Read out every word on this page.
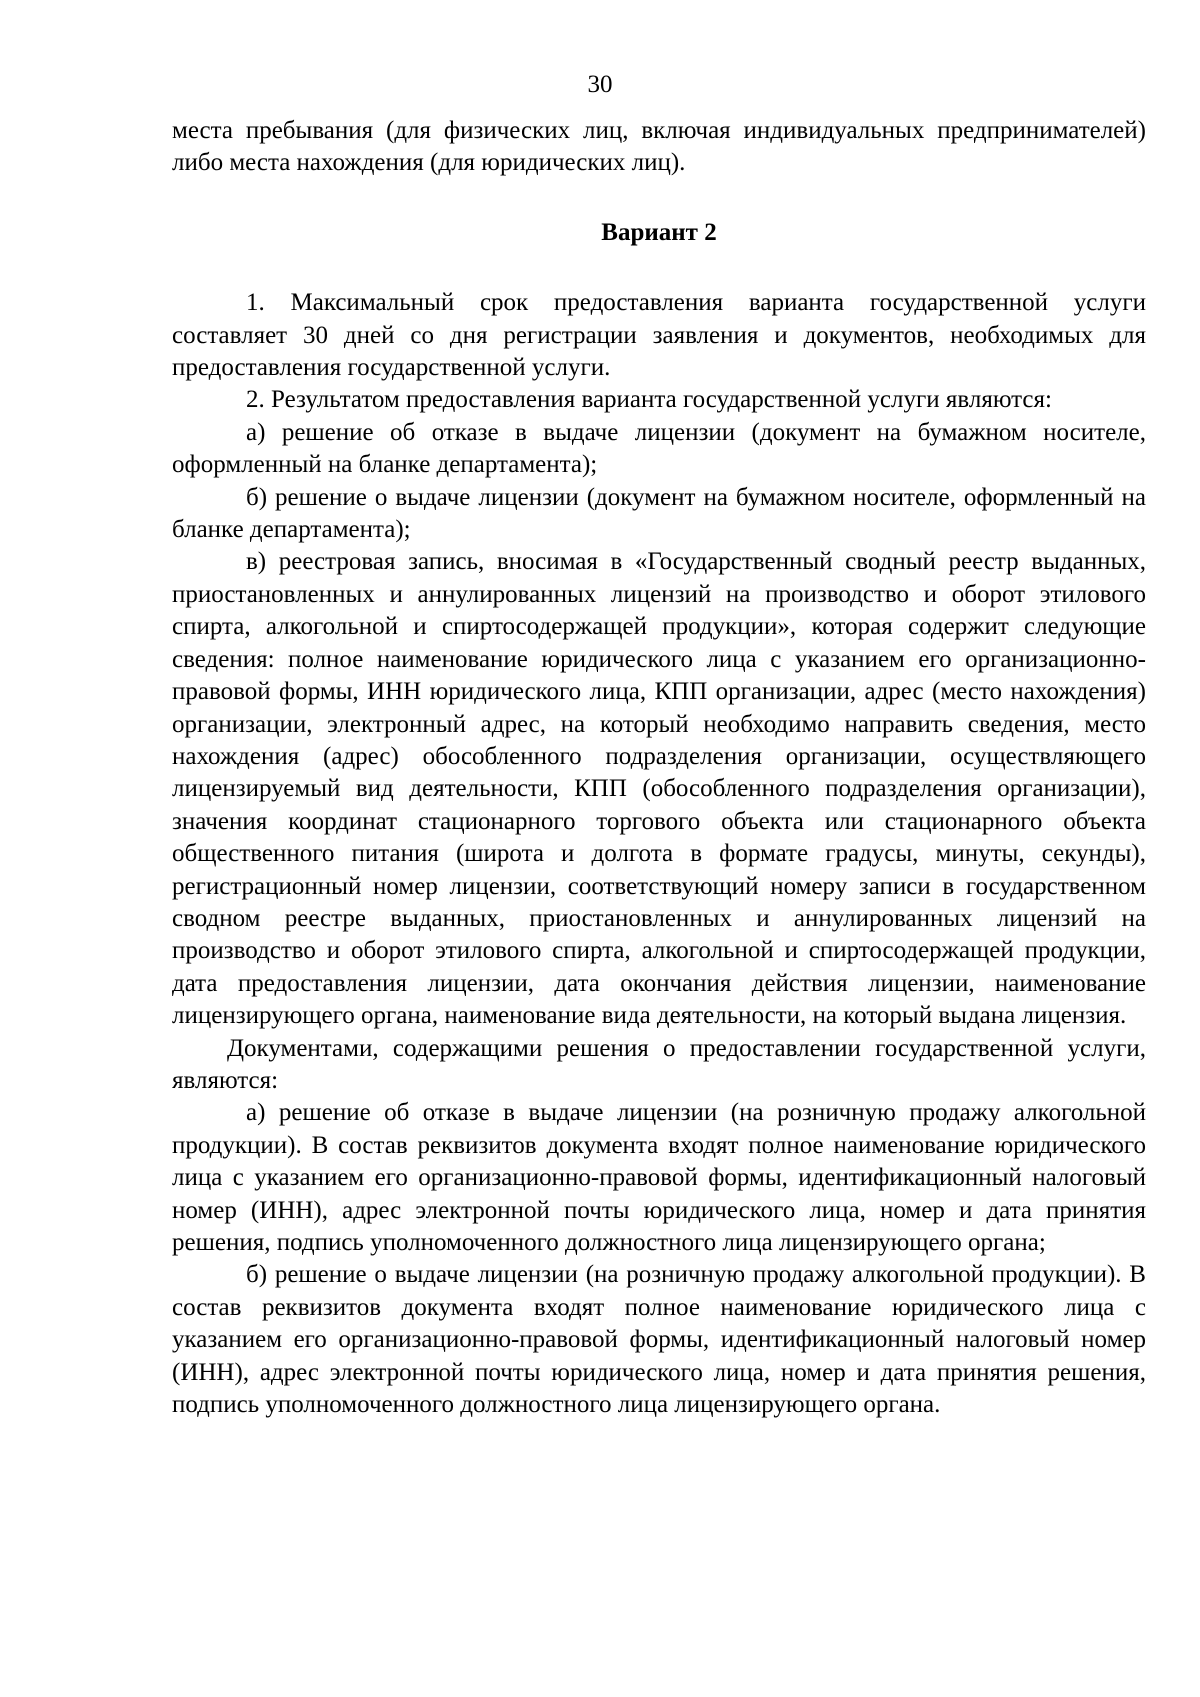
30

места пребывания (для физических лиц, включая индивидуальных предпринимателей) либо места нахождения (для юридических лиц).

Вариант 2

1. Максимальный срок предоставления варианта государственной услуги составляет 30 дней со дня регистрации заявления и документов, необходимых для предоставления государственной услуги.

2. Результатом предоставления варианта государственной услуги являются:

а) решение об отказе в выдаче лицензии (документ на бумажном носителе, оформленный на бланке департамента);

б) решение о выдаче лицензии (документ на бумажном носителе, оформленный на бланке департамента);

в) реестровая запись, вносимая в «Государственный сводный реестр выданных, приостановленных и аннулированных лицензий на производство и оборот этилового спирта, алкогольной и спиртосодержащей продукции», которая содержит следующие сведения: полное наименование юридического лица с указанием его организационно-правовой формы, ИНН юридического лица, КПП организации, адрес (место нахождения) организации, электронный адрес, на который необходимо направить сведения, место нахождения (адрес) обособленного подразделения организации, осуществляющего лицензируемый вид деятельности, КПП (обособленного подразделения организации), значения координат стационарного торгового объекта или стационарного объекта общественного питания (широта и долгота в формате градусы, минуты, секунды), регистрационный номер лицензии, соответствующий номеру записи в государственном сводном реестре выданных, приостановленных и аннулированных лицензий на производство и оборот этилового спирта, алкогольной и спиртосодержащей продукции, дата предоставления лицензии, дата окончания действия лицензии, наименование лицензирующего органа, наименование вида деятельности, на который выдана лицензия.

Документами, содержащими решения о предоставлении государственной услуги, являются:

а) решение об отказе в выдаче лицензии (на розничную продажу алкогольной продукции). В состав реквизитов документа входят полное наименование юридического лица с указанием его организационно-правовой формы, идентификационный налоговый номер (ИНН), адрес электронной почты юридического лица, номер и дата принятия решения, подпись уполномоченного должностного лица лицензирующего органа;

б) решение о выдаче лицензии (на розничную продажу алкогольной продукции). В состав реквизитов документа входят полное наименование юридического лица с указанием его организационно-правовой формы, идентификационный налоговый номер (ИНН), адрес электронной почты юридического лица, номер и дата принятия решения, подпись уполномоченного должностного лица лицензирующего органа.
